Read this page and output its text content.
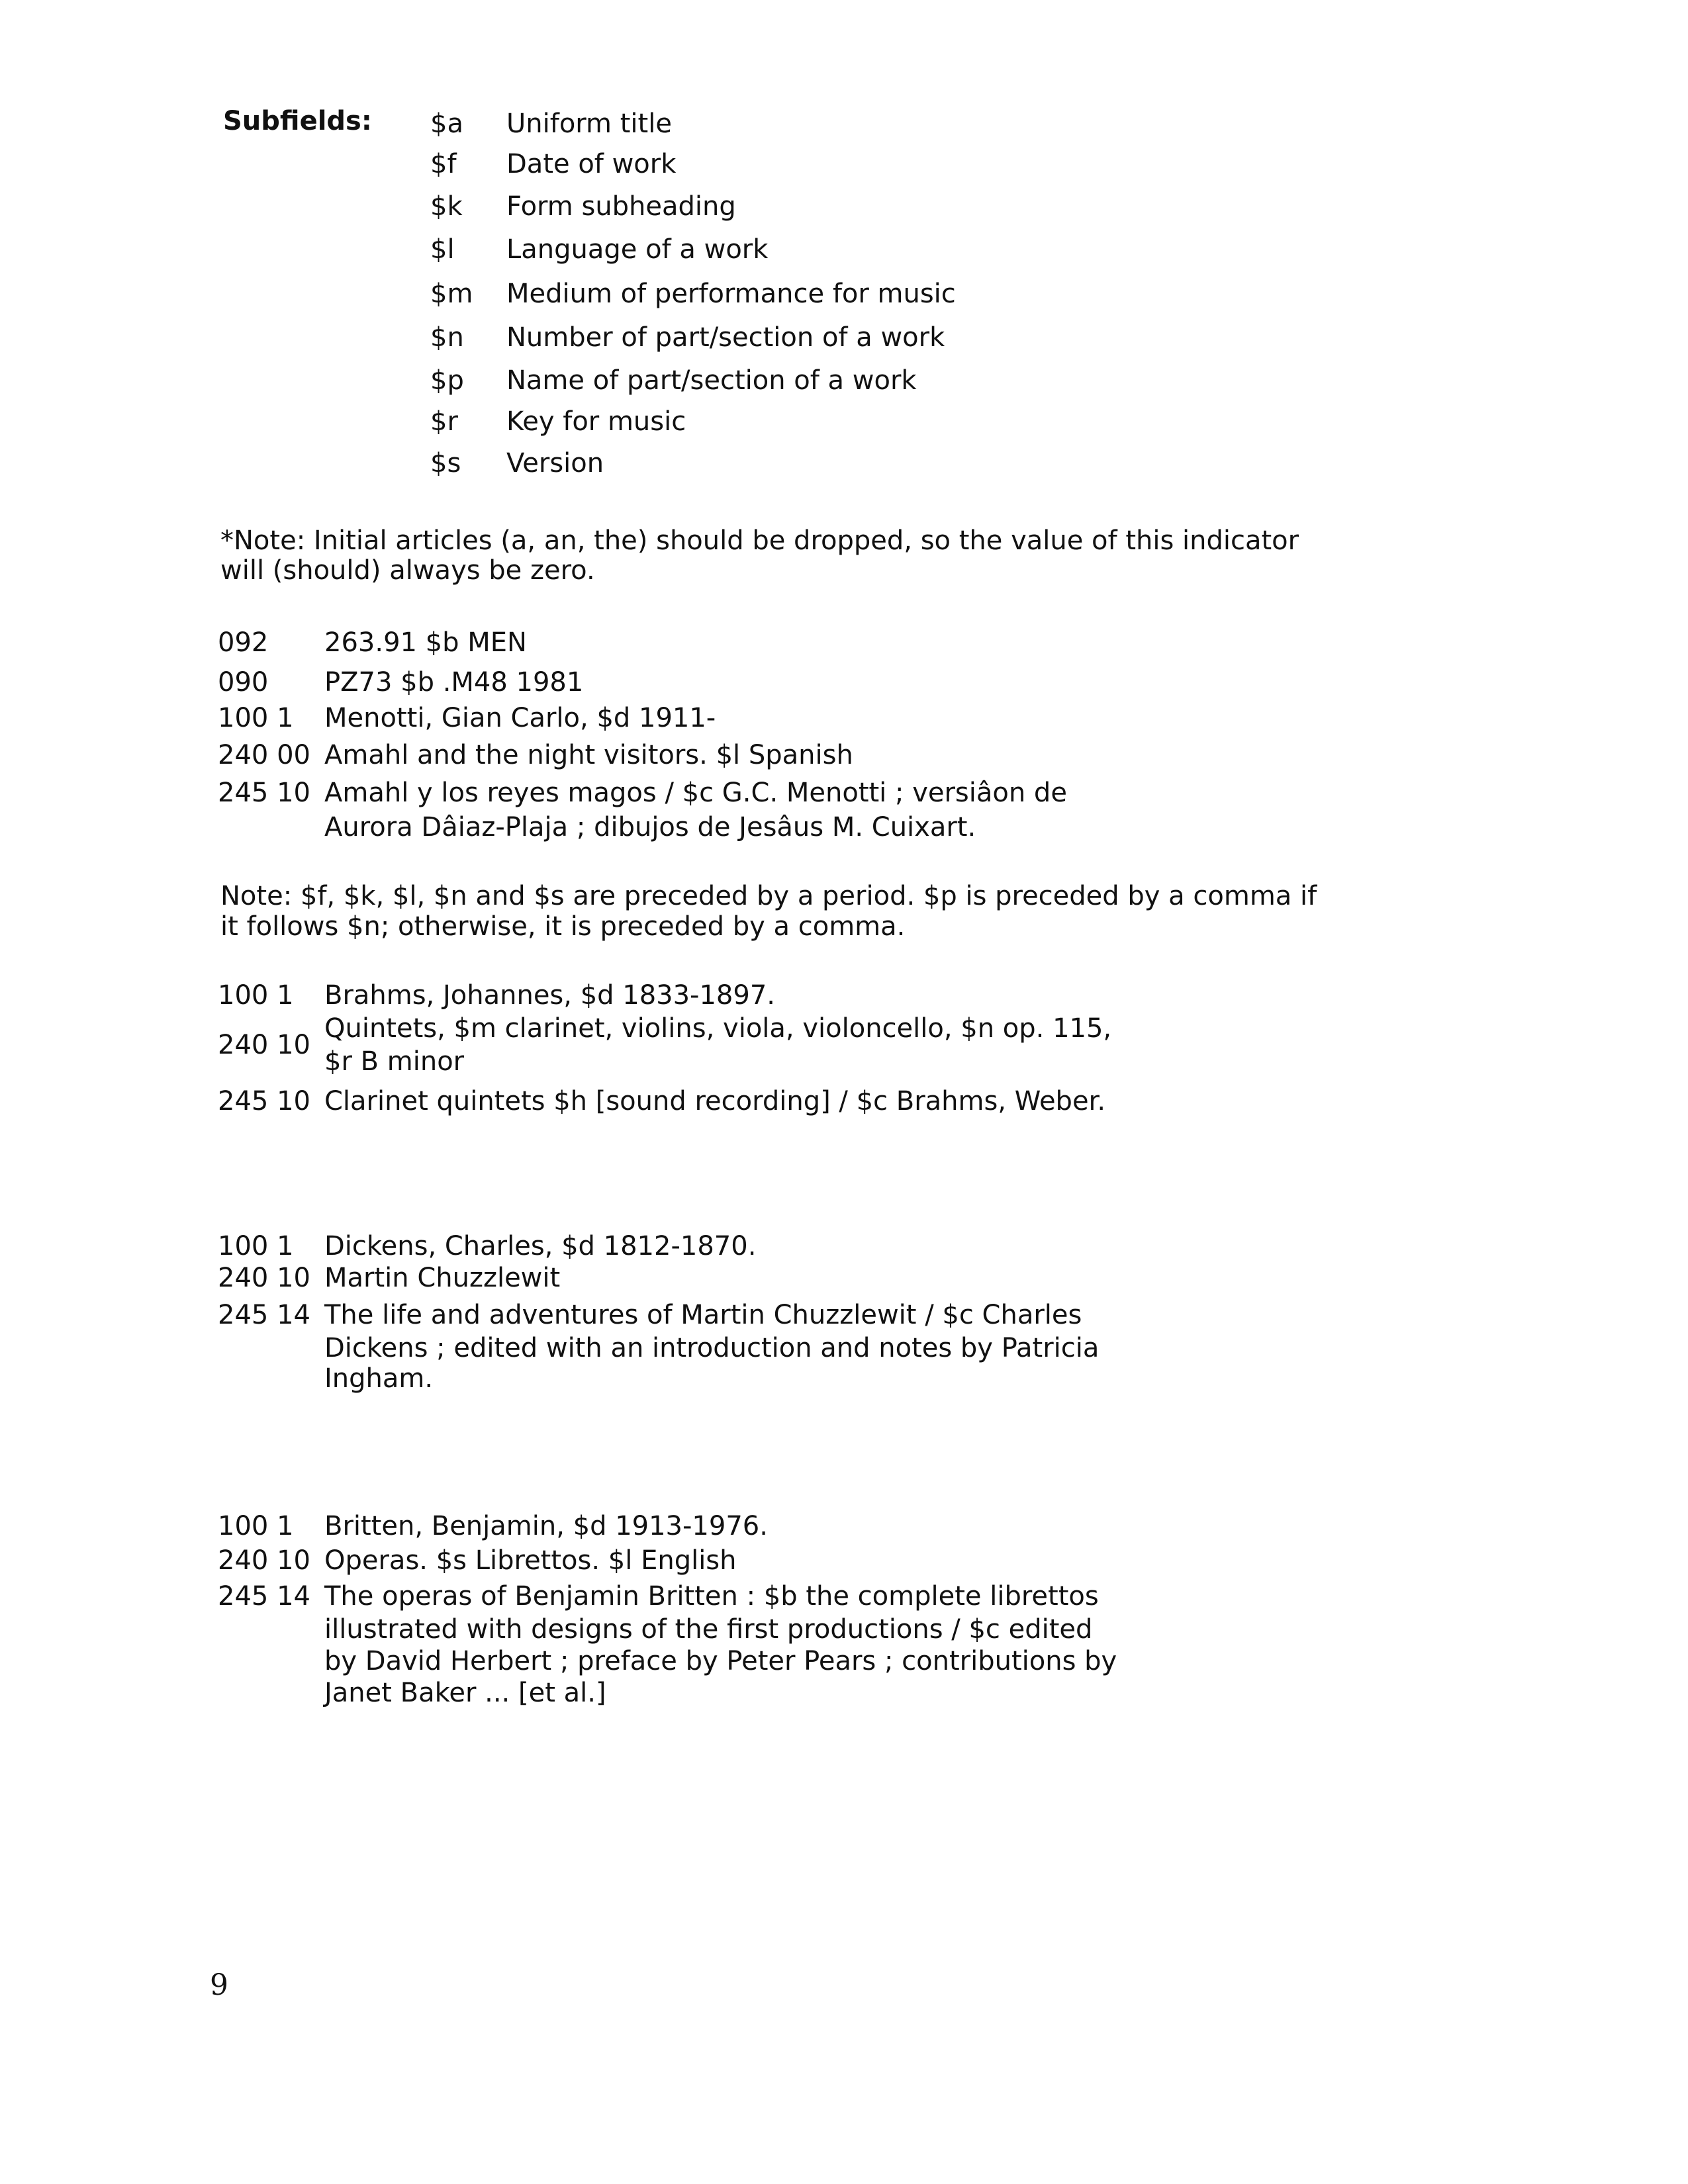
Subfields: $a Uniform title
$f Date of work
$k Form subheading
$l Language of a work
$m Medium of performance for music
$n Number of part/section of a work
$p Name of part/section of a work
$r Key for music
$s Version
*Note: Initial articles (a, an, the) should be dropped, so the value of this indicator
will (should) always be zero.
092 263.91 $b MEN
090 PZ73 $b .M48 1981
100 1 Menotti, Gian Carlo, $d 1911-
240 00 Amahl and the night visitors. $l Spanish
245 10 Amahl y los reyes magos / $c G.C. Menotti ; versiâon de
Aurora Dâiaz-Plaja ; dibujos de Jesâus M. Cuixart.
100 1 Brahms, Johannes, $d 1833-1897.
240 10
Quintets, $m clarinet, violins, viola, violoncello, $n op. 115,
$r B minor
245 10 Clarinet quintets $h [sound recording] / $c Brahms, Weber.
100 1 Dickens, Charles, $d 1812-1870.
240 10 Martin Chuzzlewit
245 14 The life and adventures of Martin Chuzzlewit / $c Charles
Dickens ; edited with an introduction and notes by Patricia
Ingham.
100 1 Britten, Benjamin, $d 1913-1976.
240 10 Operas. $s Librettos. $l English
245 14 The operas of Benjamin Britten : $b the complete librettos
illustrated with designs of the first productions / $c edited
by David Herbert ; preface by Peter Pears ; contributions by
Janet Baker ... [et al.]
Note: $f, $k, $l, $n and $s are preceded by a period. $p is preceded by a comma if
it follows $n; otherwise, it is preceded by a comma.
9
